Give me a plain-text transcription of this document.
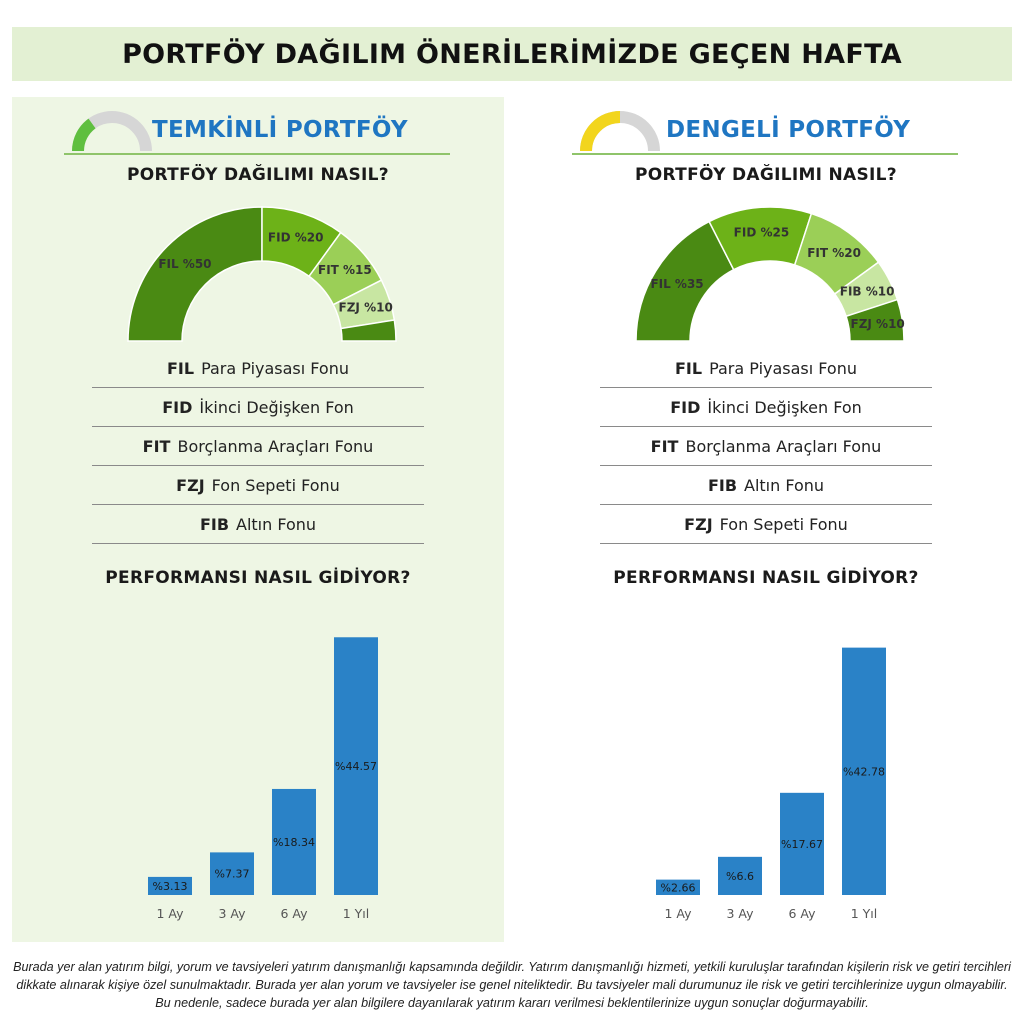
PORTFÖY DAĞILIM ÖNERİLERİMİZDE GEÇEN HAFTA
TEMKİNLİ PORTFÖY
PORTFÖY DAĞILIMI NASIL?
FIL %50
FID %20
FIT %15
FZJ %10
FIL Para Piyasası Fonu
FID İkinci Değişken Fon
FIT Borçlanma Araçları Fonu
FZJ Fon Sepeti Fonu
FIB Altın Fonu
PERFORMANSI NASIL GİDİYOR?
%3.13
1 Ay
%7.37
3 Ay
%18.34
6 Ay
%44.57
1 Yıl
DENGELİ PORTFÖY
PORTFÖY DAĞILIMI NASIL?
FIL %35
FID %25
FIT %20
FIB %10
FZJ %10
FIL Para Piyasası Fonu
FID İkinci Değişken Fon
FIT Borçlanma Araçları Fonu
FIB Altın Fonu
FZJ Fon Sepeti Fonu
PERFORMANSI NASIL GİDİYOR?
%2.66
1 Ay
%6.6
3 Ay
%17.67
6 Ay
%42.78
1 Yıl
Burada yer alan yatırım bilgi, yorum ve tavsiyeleri yatırım danışmanlığı kapsamında değildir. Yatırım danışmanlığı hizmeti, yetkili kuruluşlar tarafından kişilerin risk ve getiri tercihleri dikkate alınarak kişiye özel sunulmaktadır. Burada yer alan yorum ve tavsiyeler ise genel niteliktedir. Bu tavsiyeler mali durumunuz ile risk ve getiri tercihlerinize uygun olmayabilir. Bu nedenle, sadece burada yer alan bilgilere dayanılarak yatırım kararı verilmesi beklentilerinize uygun sonuçlar doğurmayabilir.
